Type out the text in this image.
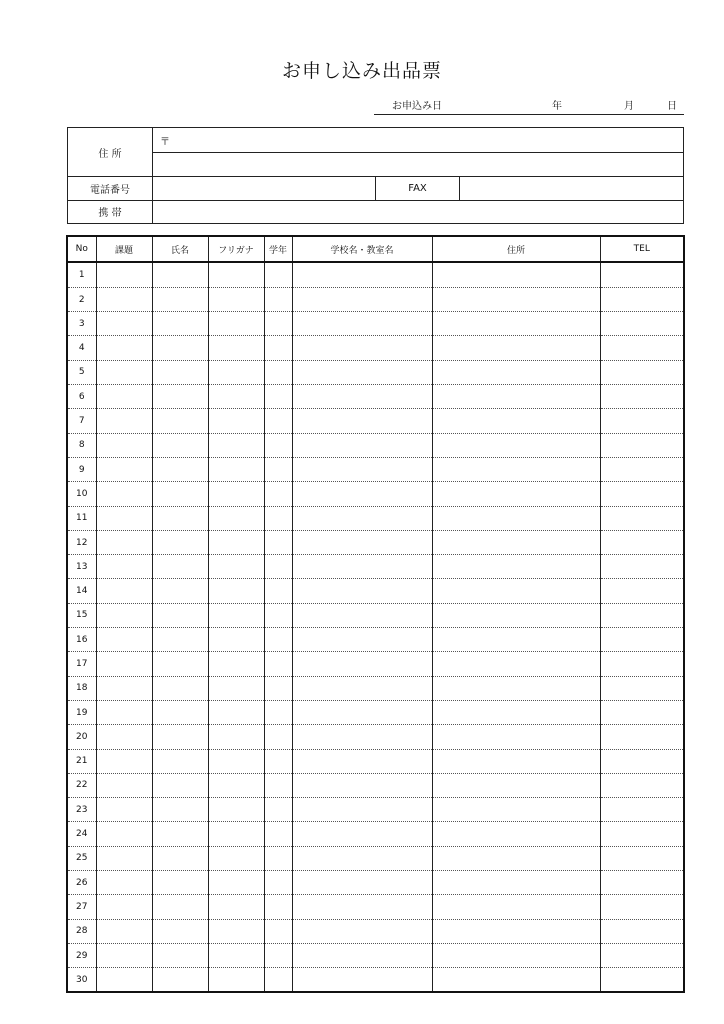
お申し込み出品票
お申込み日	年	月	日
住 所
〒
電話番号	FAX
携 帯
No	課題	氏名	フリガナ	学年	学校名・教室名	住所	TEL
1							
2							
3							
4							
5							
6							
7							
8							
9							
10							
11							
12							
13							
14							
15							
16							
17							
18							
19							
20							
21							
22							
23							
24							
25							
26							
27							
28							
29							
30							
